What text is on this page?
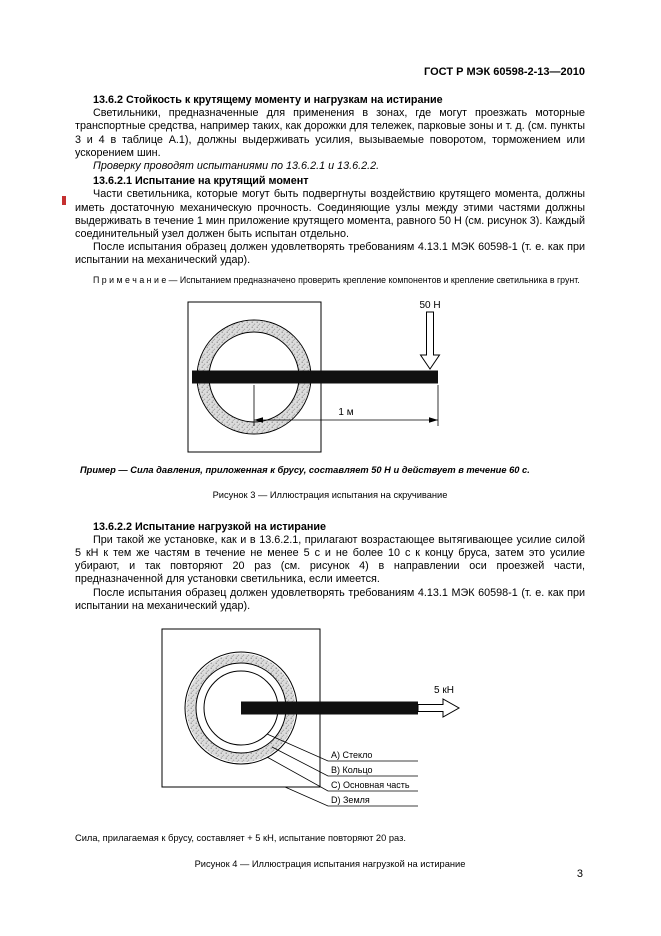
ГОСТ Р МЭК 60598-2-13—2010

13.6.2 Стойкость к крутящему моменту и нагрузкам на истирание

Светильники, предназначенные для применения в зонах, где могут проезжать моторные транспортные средства, например таких, как дорожки для тележек, парковые зоны и т. д. (см. пункты 3 и 4 в таблице А.1), должны выдерживать усилия, вызываемые поворотом, торможением или ускорением шин.

Проверку проводят испытаниями по 13.6.2.1 и 13.6.2.2.

13.6.2.1 Испытание на крутящий момент

Части светильника, которые могут быть подвергнуты воздействию крутящего момента, должны иметь достаточную механическую прочность. Соединяющие узлы между этими частями должны выдерживать в течение 1 мин приложение крутящего момента, равного 50 Н (см. рисунок 3). Каждый соединительный узел должен быть испытан отдельно.

После испытания образец должен удовлетворять требованиям 4.13.1 МЭК 60598-1 (т. е. как при испытании на механический удар).

П р и м е ч а н и е — Испытанием предназначено проверить крепление компонентов и крепление светильника в грунт.

50 Н
1 м

Пример — Сила давления, приложенная к брусу, составляет 50 Н и действует в течение 60 с.

Рисунок 3 — Иллюстрация испытания на скручивание

13.6.2.2 Испытание нагрузкой на истирание

При такой же установке, как и в 13.6.2.1, прилагают возрастающее вытягивающее усилие силой 5 кН к тем же частям в течение не менее 5 с и не более 10 с к концу бруса, затем это усилие убирают, и так повторяют 20 раз (см. рисунок 4) в направлении оси проезжей части, предназначенной для установки светильника, если имеется.

После испытания образец должен удовлетворять требованиям 4.13.1 МЭК 60598-1 (т. е. как при испытании на механический удар).

5 кН
А) Стекло
В) Кольцо
С) Основная часть
D) Земля

Сила, прилагаемая к брусу, составляет + 5 кН, испытание повторяют 20 раз.

Рисунок 4 — Иллюстрация испытания нагрузкой на истирание

3
